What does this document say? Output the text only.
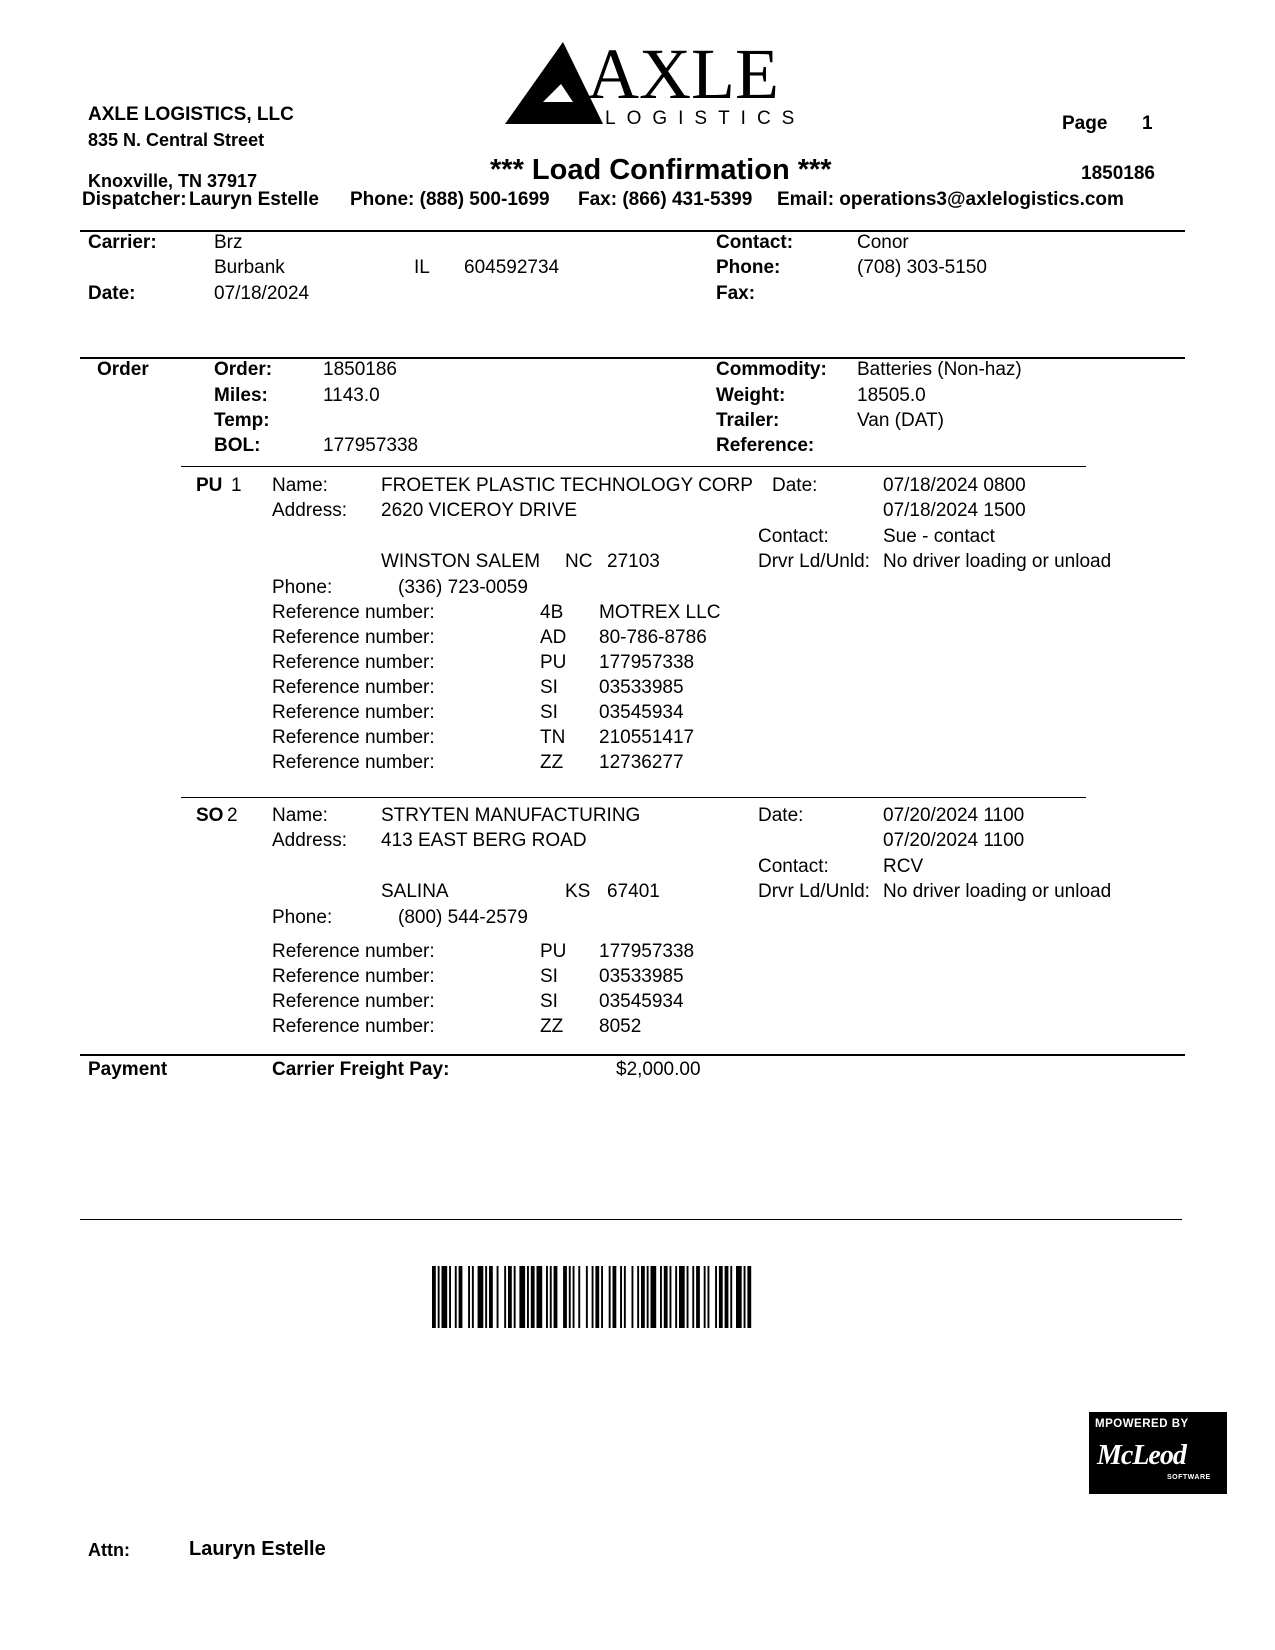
AXLE
LOGISTICS
AXLE LOGISTICS, LLC
835 N. Central Street
Knoxville, TN 37917
Page 1
*** Load Confirmation ***	1850186
Dispatcher: Lauryn Estelle Phone: (888) 500-1699 Fax: (866) 431-5399 Email: operations3@axlelogistics.com
Carrier:	Brz
Burbank	IL 604592734
Date:	07/18/2024
Contact:	Conor
Phone:	(708) 303-5150
Fax:
Order	Order:	1850186
Miles:	1143.0
Temp:
BOL:	177957338
Commodity: Batteries (Non-haz)
Weight:	18505.0
Trailer:	Van (DAT)
Reference:
PU 1 Name:	FROETEK PLASTIC TECHNOLOGY CORP
Address: 2620 VICEROY DRIVE
WINSTON SALEM NC 27103
Phone:	(336) 723-0059
Date:	07/18/2024 0800
07/18/2024 1500
Contact:	Sue - contact
Drvr Ld/Unld: No driver loading or unload
Reference number:	4B MOTREX LLC
Reference number:	AD 80-786-8786
Reference number:	PU 177957338
Reference number:	SI 03533985
Reference number:	SI 03545934
Reference number:	TN 210551417
Reference number:	ZZ 12736277
SO 2 Name:	STRYTEN MANUFACTURING
Address: 413 EAST BERG ROAD
SALINA	KS 67401
Phone:	(800) 544-2579
Date:	07/20/2024 1100
07/20/2024 1100
Contact:	RCV
Drvr Ld/Unld: No driver loading or unload
Reference number:	PU 177957338
Reference number:	SI 03533985
Reference number:	SI 03545934
Reference number:	ZZ 8052
Payment	Carrier Freight Pay:	$2,000.00
MPOWERED BY
McLeod
SOFTWARE
Attn:	Lauryn Estelle
